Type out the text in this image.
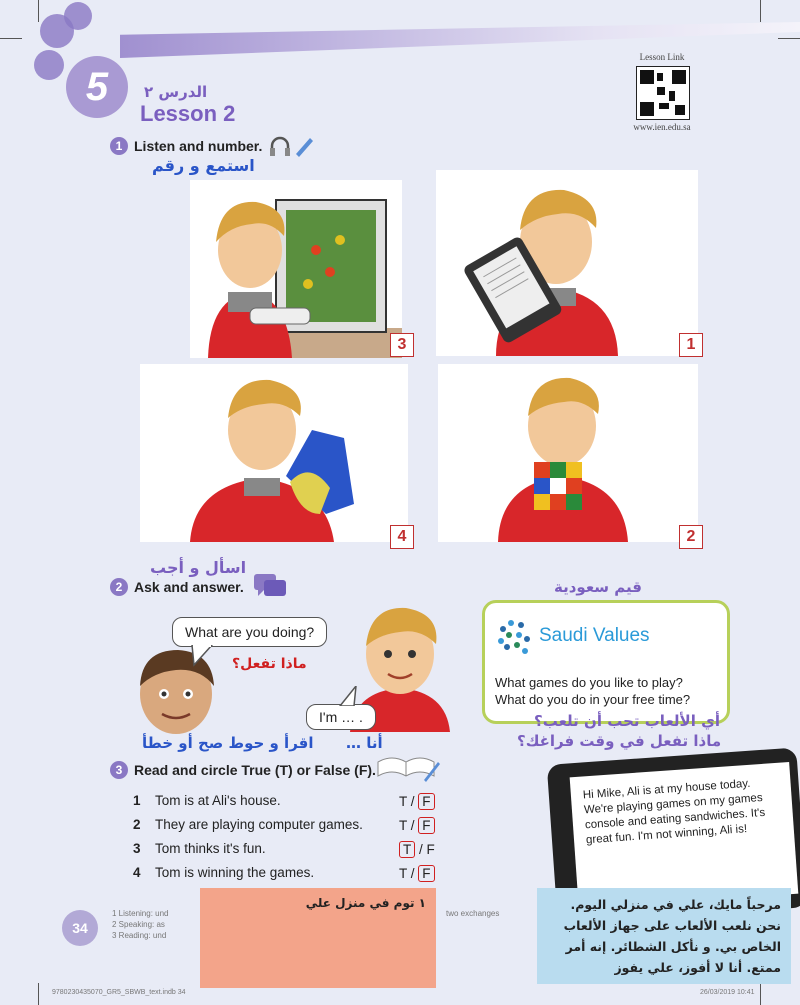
5
Lesson Link
www.ien.edu.sa
الدرس ٢
Lesson 2
1 Listen and number.
استمع و رقم
3	1
4	2
اسأل و أجب
2 Ask and answer.
What are you doing?
ماذا تفعل؟
I'm … .
قيم سعودية
Saudi Values
What games do you like to play?
What do you do in your free time?
أي الألعاب تحب أن تلعب؟
ماذا تفعل في وقت فراغك؟
أنا …
اقرأ و حوط صح أو خطأ
3 Read and circle True (T) or False (F).
1 Tom is at Ali's house.	T / F
2 They are playing computer games.	T / F
3 Tom thinks it's fun.	T / F
4 Tom is winning the games.	T / F
Hi Mike, Ali is at my house today. We're playing games on my games console and eating sandwiches. It's great fun. I'm not winning, Ali is!
34
1 Listening: und
2 Speaking: as
3 Reading: und
two exchanges
١ توم في منزل علي	مرحباً مايك، علي في منزلي اليوم. نحن نلعب الألعاب على جهاز الألعاب الخاص بي. و نأكل الشطائر. إنه أمر ممتع. أنا لا أفوز، علي يفوز
9780230435070_GR5_SBWB_text.indb 34	26/03/2019 10:41
